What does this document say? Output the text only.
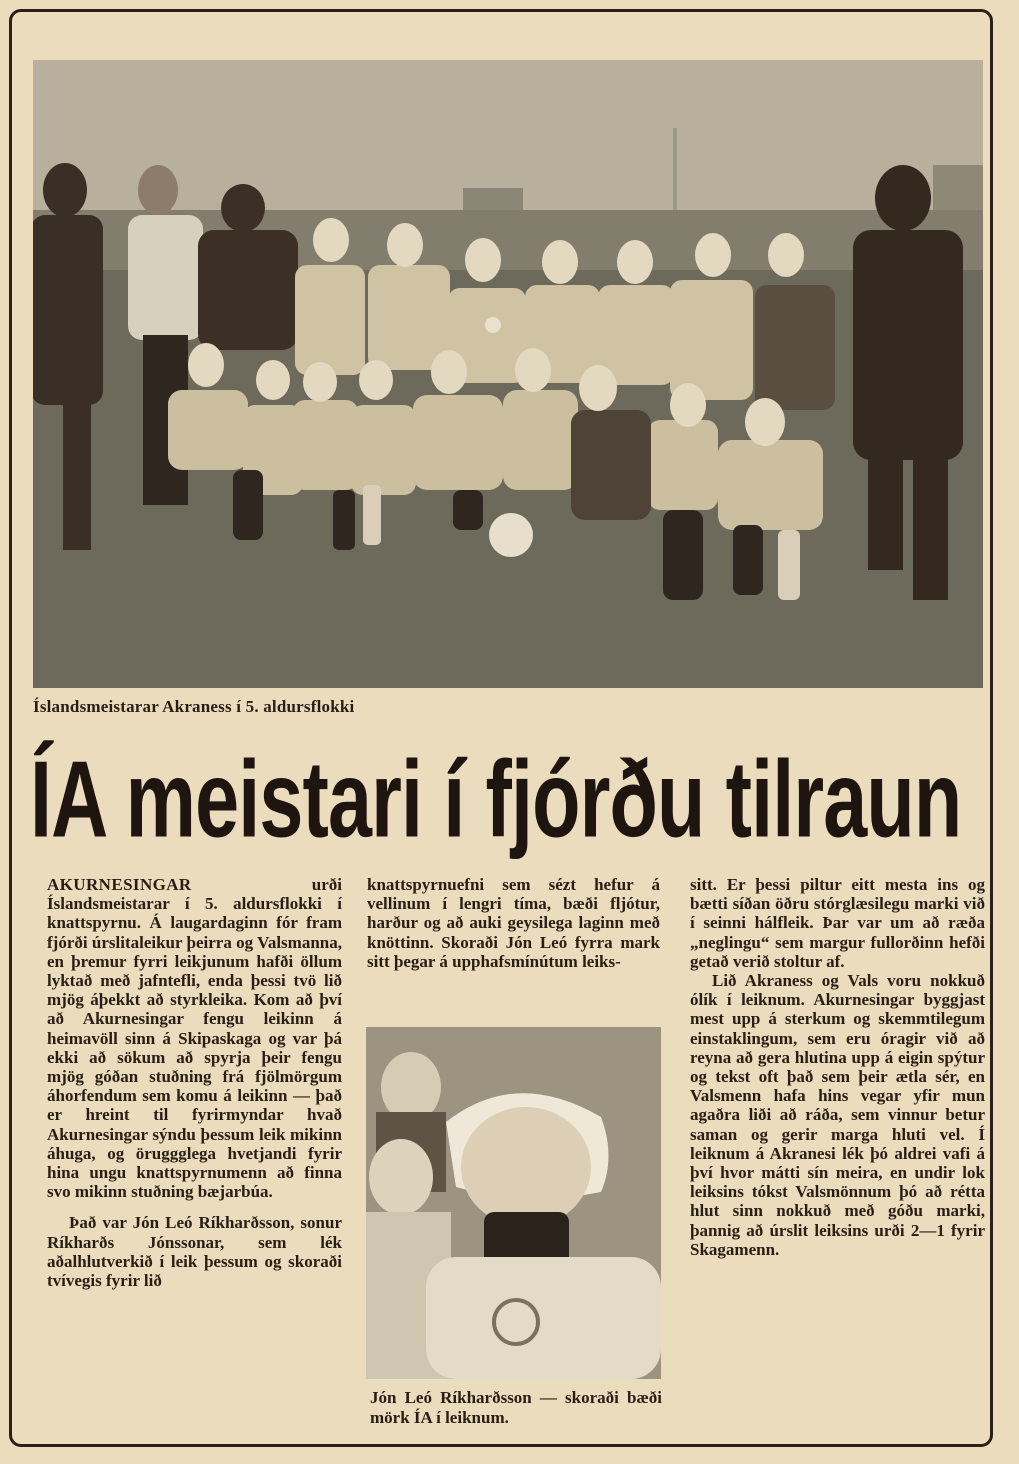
Íslandsmeistarar Akraness í 5. aldursflokki
ÍA meistari í fjórðu tilraun

AKURNESINGAR	urði Íslandsmeistarar í 5. aldursflokki í knattspyrnu. Á laugardaginn fór fram fjórði úrslitaleikur þeirra og Valsmanna, en þremur fyrri leikjunum hafði öllum lyktað með jafntefli, enda þessi tvö lið mjög áþekkt að styrkleika. Kom að því að Akurnesingar fengu leikinn á heimavöll sinn á Skipaskaga og var þá ekki að sökum að spyrja þeir fengu mjög góðan stuðning frá fjölmörgum áhorfendum sem komu á leikinn — það er hreint til fyrirmyndar hvað Akurnesingar sýndu þessum leik mikinn áhuga, og öruggglega hvetjandi fyrir hina ungu knattspyrnumenn að finna svo mikinn stuðning bæjarbúa.

Það var Jón Leó Ríkharðsson, sonur Ríkharðs Jónssonar, sem lék aðalhlutverkið í leik þessum og skoraði tvívegis fyrir lið

knattspyrnuefni sem sézt hefur á vellinum í lengri tíma, bæði fljótur, harður og að auki geysilega laginn með knöttinn. Skoraði Jón Leó fyrra mark sitt þegar á upphafsmínútum leiks-

Jón Leó Ríkharðsson — skoraði bæði mörk ÍA í leiknum.

sitt. Er þessi piltur eitt mesta ins og bætti síðan öðru stórglæsilegu marki við í seinni hálfleik. Þar var um að ræða „neglingu“ sem margur fullorðinn hefði getað verið stoltur af.

Lið Akraness og Vals voru nokkuð ólík í leiknum. Akurnesingar byggjast mest upp á sterkum og skemmtilegum einstaklingum, sem eru óragir við að reyna að gera hlutina upp á eigin spýtur og tekst oft það sem þeir ætla sér, en Valsmenn hafa hins vegar yfir mun agaðra liði að ráða, sem vinnur betur saman og gerir marga hluti vel. Í leiknum á Akranesi lék þó aldrei vafi á því hvor mátti sín meira, en undir lok leiksins tókst Valsmönnum þó að rétta hlut sinn nokkuð með góðu marki, þannig að úrslit leiksins urði 2—1 fyrir Skagamenn.
